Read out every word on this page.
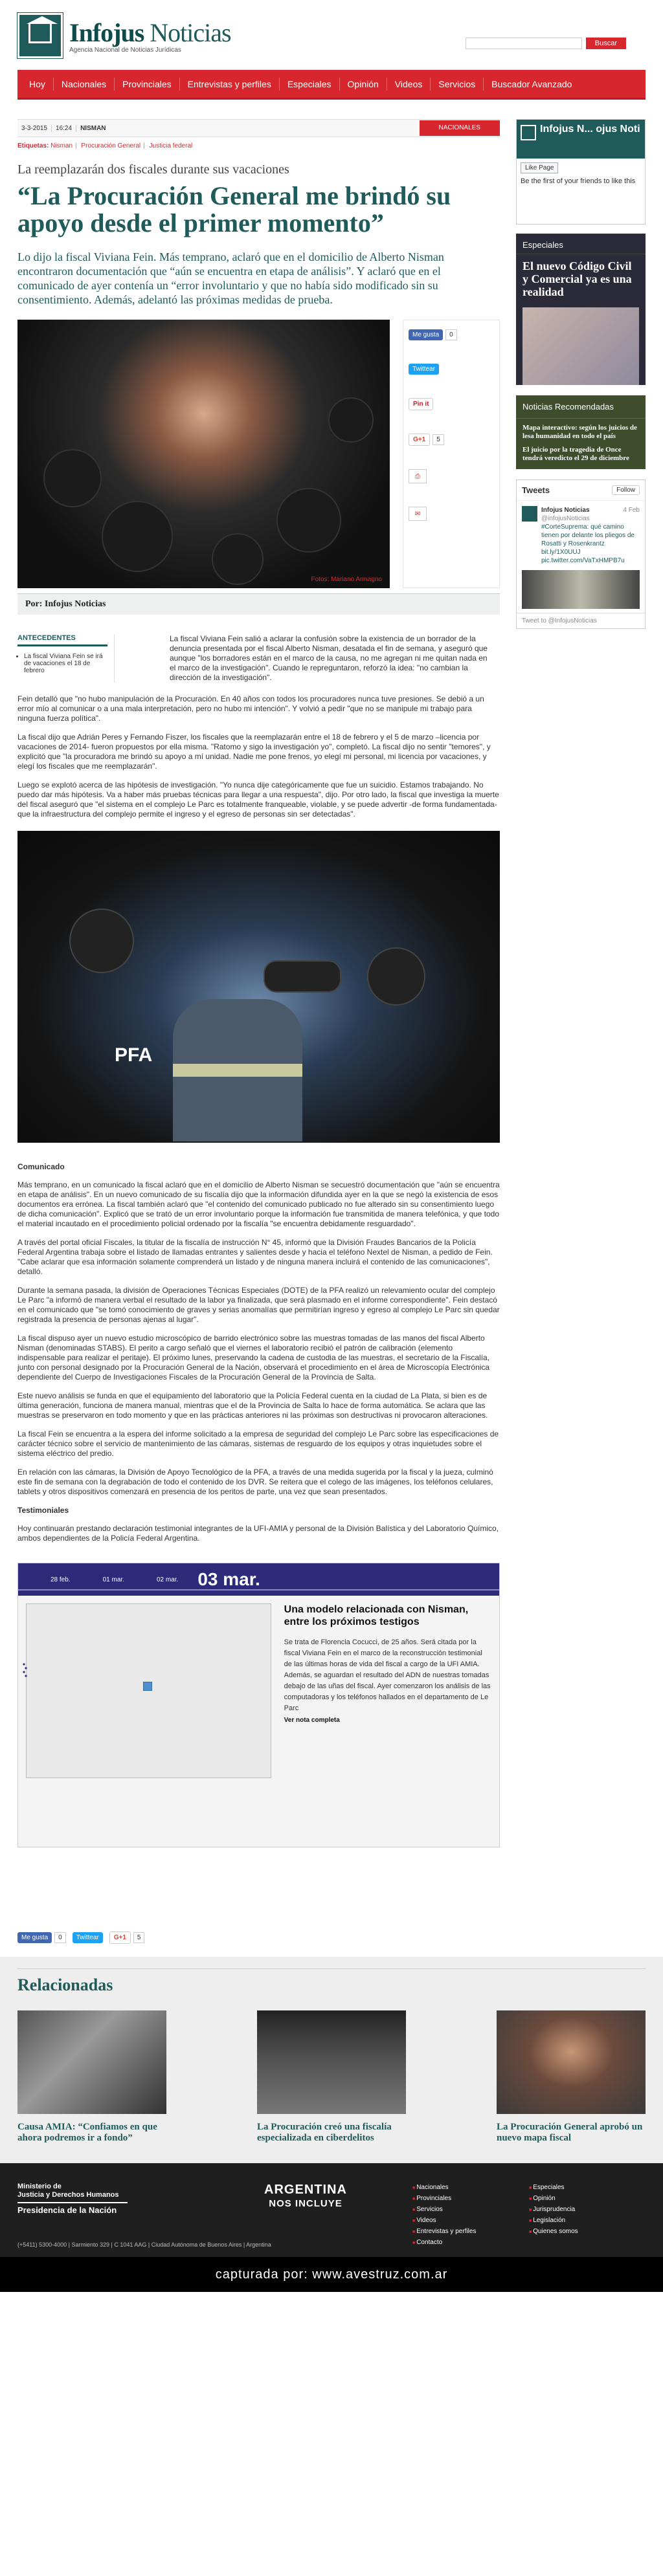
Infojus Noticias
Agencia Nacional de Noticias Jurídicas
Buscar
Hoy	Nacionales	Provinciales	Entrevistas y perfiles	Especiales	Opinión	Videos	Servicios	Buscador Avanzado
3-3-2015	16:24	NISMAN	NACIONALES
Etiquetas: Nisman | Procuración General | Justicia federal
La reemplazarán dos fiscales durante sus vacaciones
“La Procuración General me brindó su apoyo desde el primer momento”
Lo dijo la fiscal Viviana Fein. Más temprano, aclaró que en el domicilio de Alberto Nisman encontraron documentación que “aún se encuentra en etapa de análisis”. Y aclaró que en el comunicado de ayer contenía un “error involuntario y que no había sido modificado sin su consentimiento. Además, adelantó las próximas medidas de prueba.
Fotos: Mariano Armagno
Me gusta	0
Twittear
Pin it
G+1	5
⎙
✉
Por: Infojus Noticias
ANTECEDENTES
• La fiscal Viviana Fein se irá de vacaciones el 18 de febrero
La fiscal Viviana Fein salió a aclarar la confusión sobre la existencia de un borrador de la denuncia presentada por el fiscal Alberto Nisman, desatada el fin de semana, y aseguró que aunque "los borradores están en el marco de la causa, no me agregan ni me quitan nada en el marco de la investigación". Cuando le repreguntaron, reforzó la idea: "no cambian la dirección de la investigación".

Fein detalló que "no hubo manipulación de la Procuración. En 40 años con todos los procuradores nunca tuve presiones. Se debió a un error mío al comunicar o a una mala interpretación, pero no hubo mi intención". Y volvió a pedir "que no se manipule mi trabajo para ninguna fuerza política".

La fiscal dijo que Adrián Peres y Fernando Fiszer, los fiscales que la reemplazarán entre el 18 de febrero y el 5 de marzo –licencia por vacaciones de 2014- fueron propuestos por ella misma. "Ratomo y sigo la investigación yo", completó. La fiscal dijo no sentir "temores", y explicitó que "la procuradora me brindó su apoyo a mí unidad. Nadie me pone frenos, yo elegí mi personal, mi licencia por vacaciones, y elegí los fiscales que me reemplazarán".

Luego se explotó acerca de las hipótesis de investigación. "Yo nunca dije categóricamente que fue un suicidio. Estamos trabajando. No puedo dar más hipótesis. Va a haber más pruebas técnicas para llegar a una respuesta", dijo. Por otro lado, la fiscal que investiga la muerte del fiscal aseguró que "el sistema en el complejo Le Parc es totalmente franqueable, violable, y se puede advertir -de forma fundamentada- que la infraestructura del complejo permite el ingreso y el egreso de personas sin ser detectadas".

PFA
Comunicado

Más temprano, en un comunicado la fiscal aclaró que en el domicilio de Alberto Nisman se secuestró documentación que "aún se encuentra en etapa de análisis". En un nuevo comunicado de su fiscalía dijo que la información difundida ayer en la que se negó la existencia de esos documentos era errónea. La fiscal también aclaró que "el contenido del comunicado publicado no fue alterado sin su consentimiento luego de dicha comunicación". Explicó que se trató de un error involuntario porque la información fue transmitida de manera telefónica, y que todo el material incautado en el procedimiento policial ordenado por la fiscalía "se encuentra debidamente resguardado".

A través del portal oficial Fiscales, la titular de la fiscalía de instrucción N° 45, informó que la División Fraudes Bancarios de la Policía Federal Argentina trabaja sobre el listado de llamadas entrantes y salientes desde y hacia el teléfono Nextel de Nisman, a pedido de Fein. "Cabe aclarar que esa información solamente comprenderá un listado y de ninguna manera incluirá el contenido de las comunicaciones", detalló.

Durante la semana pasada, la división de Operaciones Técnicas Especiales (DOTE) de la PFA realizó un relevamiento ocular del complejo Le Parc "a informó de manera verbal el resultado de la labor ya finalizada, que será plasmado en el informe correspondiente". Fein destacó en el comunicado que "se tomó conocimiento de graves y serias anomalías que permitirían ingreso y egreso al complejo Le Parc sin quedar registrada la presencia de personas ajenas al lugar".

La fiscal dispuso ayer un nuevo estudio microscópico de barrido electrónico sobre las muestras tomadas de las manos del fiscal Alberto Nisman (denominadas STABS). El perito a cargo señaló que el viernes el laboratorio recibió el patrón de calibración (elemento indispensable para realizar el peritaje). El próximo lunes, preservando la cadena de custodia de las muestras, el secretario de la Fiscalía, junto con personal designado por la Procuración General de la Nación, observará el procedimiento en el área de Microscopía Electrónica dependiente del Cuerpo de Investigaciones Fiscales de la Procuración General de la Provincia de Salta.

Este nuevo análisis se funda en que el equipamiento del laboratorio que la Policía Federal cuenta en la ciudad de La Plata, si bien es de última generación, funciona de manera manual, mientras que el de la Provincia de Salta lo hace de forma automática. Se aclara que las muestras se preservaron en todo momento y que en las prácticas anteriores ni las próximas son destructivas ni provocaron alteraciones.

La fiscal Fein se encuentra a la espera del informe solicitado a la empresa de seguridad del complejo Le Parc sobre las especificaciones de carácter técnico sobre el servicio de mantenimiento de las cámaras, sistemas de resguardo de los equipos y otras inquietudes sobre el sistema eléctrico del predio.

En relación con las cámaras, la División de Apoyo Tecnológico de la PFA, a través de una medida sugerida por la fiscal y la jueza, culminó este fin de semana con la degrabación de todo el contenido de los DVR. Se reitera que el colego de las imágenes, los teléfonos celulares, tablets y otros dispositivos comenzará en presencia de los peritos de parte, una vez que sean presentados.

Testimoniales

Hoy continuarán prestando declaración testimonial integrantes de la UFI-AMIA y personal de la División Balística y del Laboratorio Químico, ambos dependientes de la Policía Federal Argentina.

28 feb.	01 mar.	02 mar. 03 mar.
Una modelo relacionada con Nisman, entre los próximos testigos

Se trata de Florencia Cocucci, de 25 años. Será citada por la fiscal Viviana Fein en el marco de la reconstrucción testimonial de las últimas horas de vida del fiscal a cargo de la UFI AMIA. Además, se aguardan el resultado del ADN de nuestras tomadas debajo de las uñas del fiscal. Ayer comenzaron los análisis de las computadoras y los teléfonos hallados en el departamento de Le Parc

Ver nota completa
Me gusta	0	Twittear	G+1	5
Infojus N... ojus Noti
Like Page
Be the first of your friends to like this
Especiales
El nuevo Código Civil y Comercial ya es una realidad
Noticias Recomendadas
Mapa interactivo: según los juicios de lesa humanidad en todo el país
El juicio por la tragedia de Once tendrá veredicto el 29 de diciembre
Tweets	Follow
Infojus Noticias	4 Feb
@infojusNoticias
#CorteSuprema: qué camino tienen por delante los pliegos de Rosatti y Rosenkrantz bit.ly/1X0UUJ pic.twitter.com/VaTxHMPB7u
Tweet to @InfojusNoticias
Relacionadas

Causa AMIA: “Confiamos en que ahora podremos ir a fondo”

La Procuración creó una fiscalía especializada en ciberdelitos

La Procuración General aprobó un nuevo mapa fiscal

Ministerio de
Justicia y Derechos Humanos
Presidencia de la Nación
ARGENTINA
NOS INCLUYE
■ Nacionales
■ Provinciales
■ Servicios
■ Videos
■ Entrevistas y perfiles
■ Contacto
■ Especiales
■ Opinión
■ Jurisprudencia
■ Legislación
■ Quienes somos
(+5411) 5300-4000 | Sarmiento 329 | C 1041 AAG | Ciudad Autónoma de Buenos Aires | Argentina
capturada por: www.avestruz.com.ar
